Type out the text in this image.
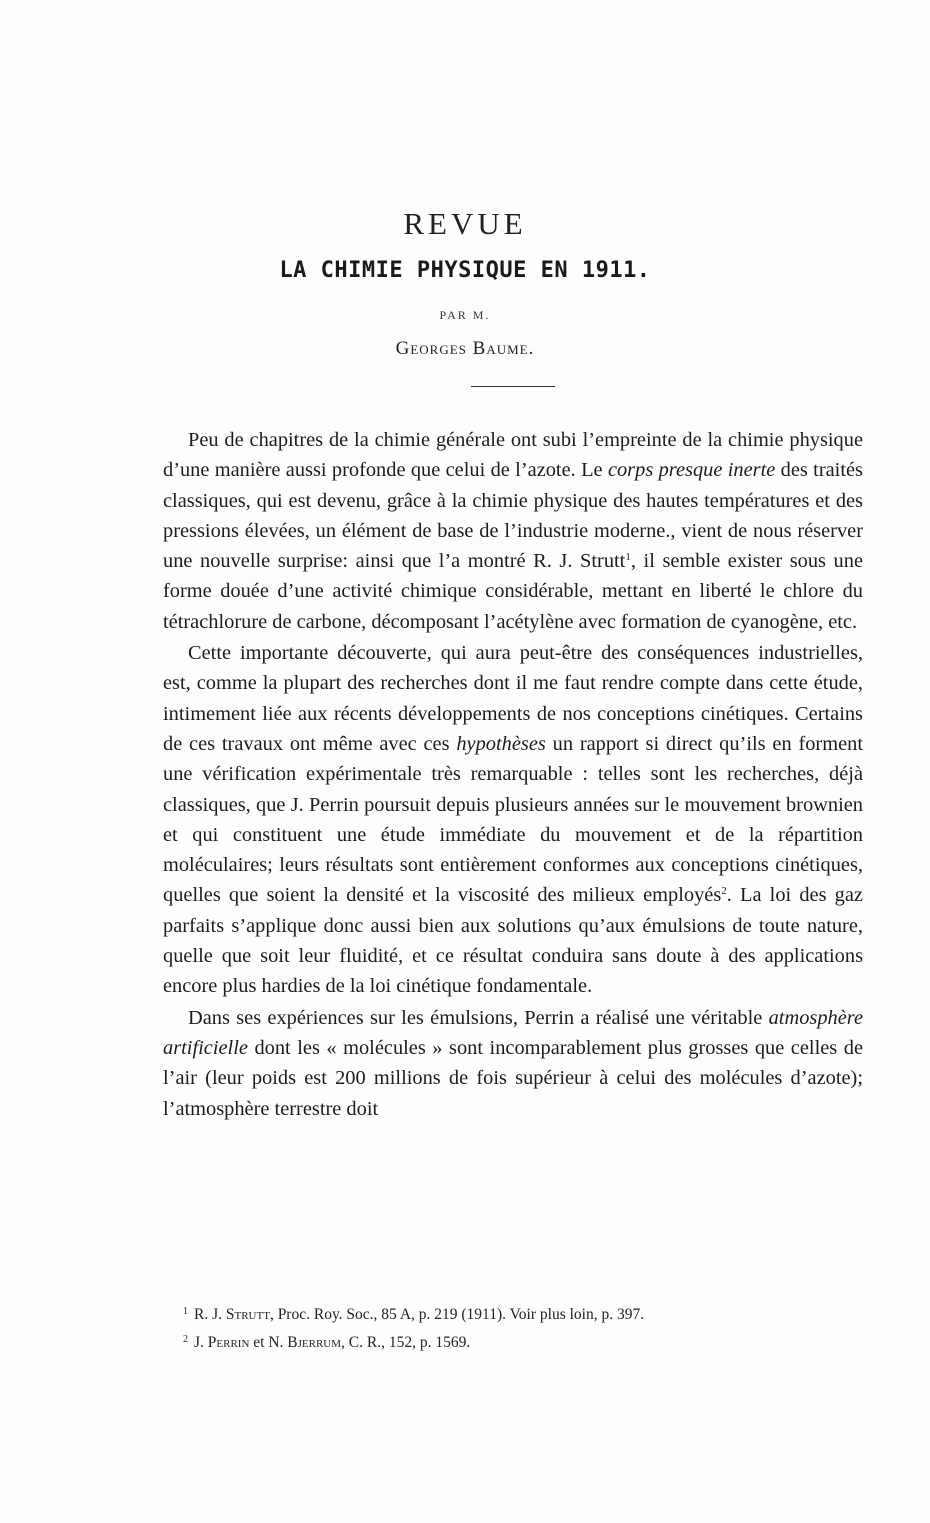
REVUE
LA CHIMIE PHYSIQUE EN 1911.
PAR M.
Georges Baume.

Peu de chapitres de la chimie générale ont subi l’empreinte de la chimie physique d’une manière aussi profonde que celui de l’azote. Le corps presque inerte des traités classiques, qui est devenu, grâce à la chimie physique des hautes températures et des pressions élevées, un élément de base de l’industrie moderne., vient de nous réserver une nouvelle surprise: ainsi que l’a montré R. J. Strutt$^1$, il semble exister sous une forme douée d’une activité chimique considérable, mettant en liberté le chlore du tétrachlorure de carbone, décomposant l’acétylène avec formation de cyanogène, etc.

Cette importante découverte, qui aura peut-être des conséquences industrielles, est, comme la plupart des recherches dont il me faut rendre compte dans cette étude, intimement liée aux récents développements de nos conceptions cinétiques. Certains de ces travaux ont même avec ces hypothèses un rapport si direct qu’ils en forment une vérification expérimentale très remarquable : telles sont les recherches, déjà classiques, que J. Perrin poursuit depuis plusieurs années sur le mouvement brownien et qui constituent une étude immédiate du mouvement et de la répartition moléculaires; leurs résultats sont entièrement conformes aux conceptions cinétiques, quelles que soient la densité et la viscosité des milieux employés$^2$. La loi des gaz parfaits s’applique donc aussi bien aux solutions qu’aux émulsions de toute nature, quelle que soit leur fluidité, et ce résultat conduira sans doute à des applications encore plus hardies de la loi cinétique fondamentale.

Dans ses expériences sur les émulsions, Perrin a réalisé une véritable atmosphère artificielle dont les « molécules » sont incomparablement plus grosses que celles de l’air (leur poids est 200 millions de fois supérieur à celui des molécules d’azote); l’atmosphère terrestre doit

$^1$ R. J. Strutt, Proc. Roy. Soc., 85 A, p. 219 (1911). Voir plus loin, p. 397.

$^2$ J. Perrin et N. Bjerrum, C. R., 152, p. 1569.
